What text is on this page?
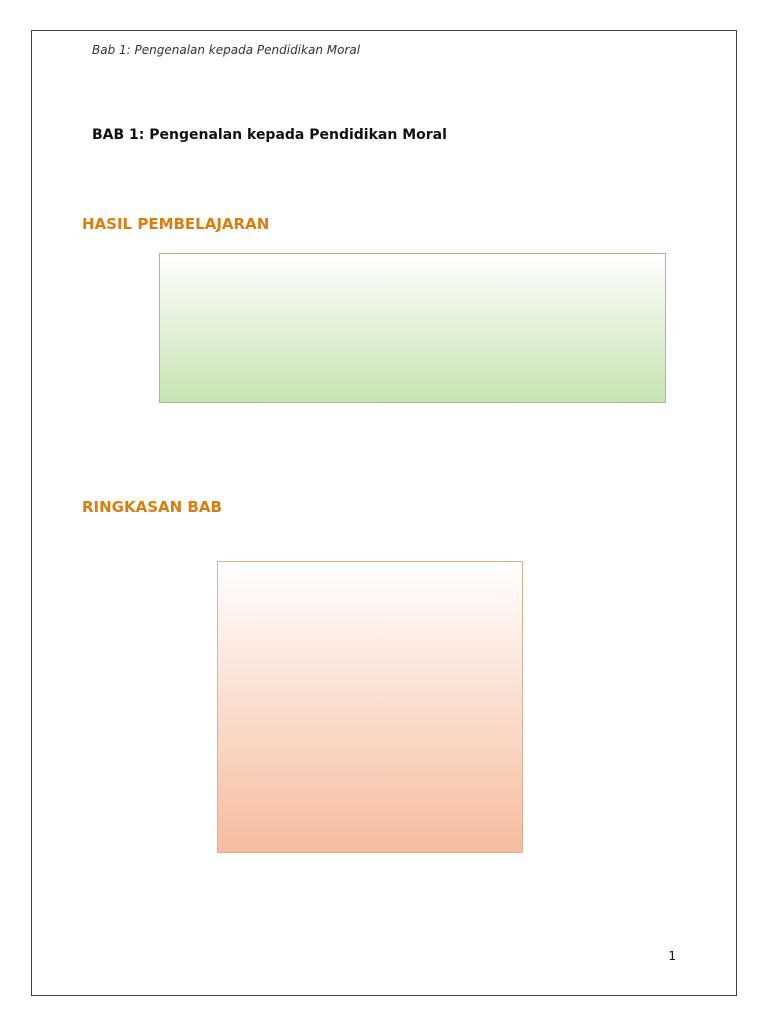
Bab 1: Pengenalan kepada Pendidikan Moral
BAB 1: Pengenalan kepada Pendidikan Moral
HASIL PEMBELAJARAN
RINGKASAN BAB
1
